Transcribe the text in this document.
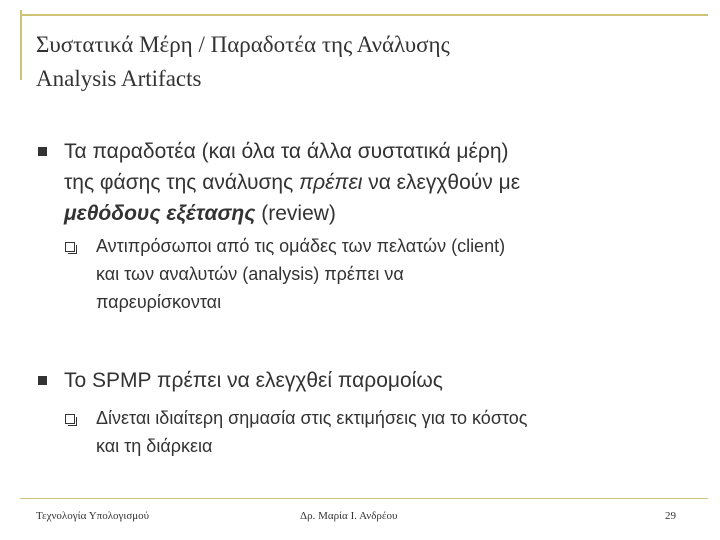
Συστατικά Μέρη / Παραδοτέα της Ανάλυσης
Analysis Artifacts
Τα παραδοτέα (και όλα τα άλλα συστατικά μέρη)
της φάσης της ανάλυσης πρέπει να ελεγχθούν με
μεθόδους εξέτασης (review)
Αντιπρόσωποι από τις ομάδες των πελατών (client)
και των αναλυτών (analysis) πρέπει να
παρευρίσκονται
Το SPMP πρέπει να ελεγχθεί παρομοίως
Δίνεται ιδιαίτερη σημασία στις εκτιμήσεις για το κόστος
και τη διάρκεια
Τεχνολογία Υπολογισμού	Δρ. Μαρία Ι. Ανδρέου	29
